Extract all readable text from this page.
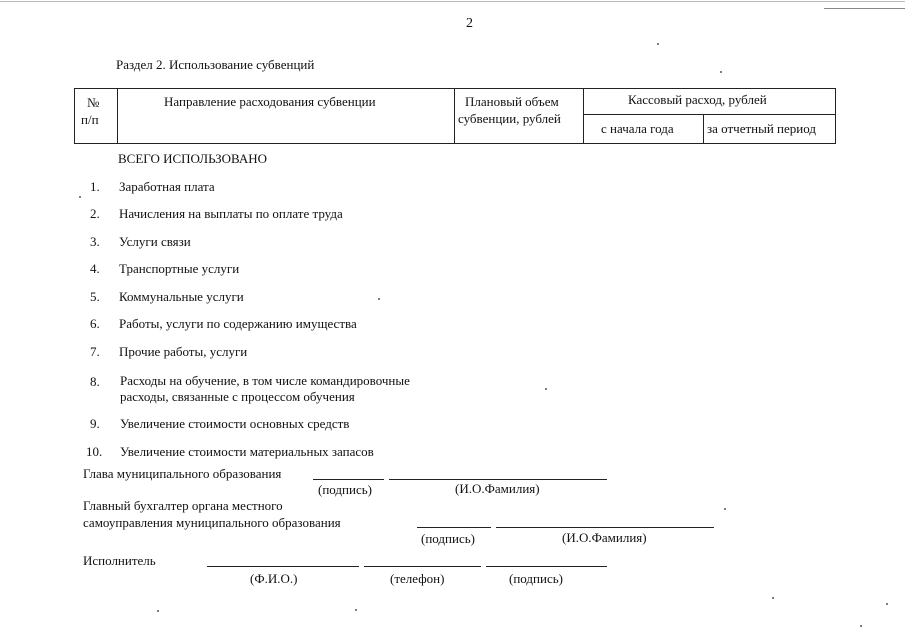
2
Раздел 2. Использование субвенций
№
п/п
Направление расходования субвенции	Плановый объем
субвенции, рублей
Кассовый расход, рублей
с начала года	за отчетный период
ВСЕГО ИСПОЛЬЗОВАНО
1. Заработная плата
2. Начисления на выплаты по оплате труда
3. Услуги связи
4. Транспортные услуги
5. Коммунальные услуги
6. Работы, услуги по содержанию имущества
7. Прочие работы, услуги
8. Расходы на обучение, в том числе командировочные
расходы, связанные с процессом обучения
9. Увеличение стоимости основных средств
10. Увеличение стоимости материальных запасов
Глава муниципального образования
(подпись)	(И.О.Фамилия)
Главный бухгалтер органа местного
самоуправления муниципального образования
(подпись)	(И.О.Фамилия)
Исполнитель
(Ф.И.О.)	(телефон)	(подпись)
